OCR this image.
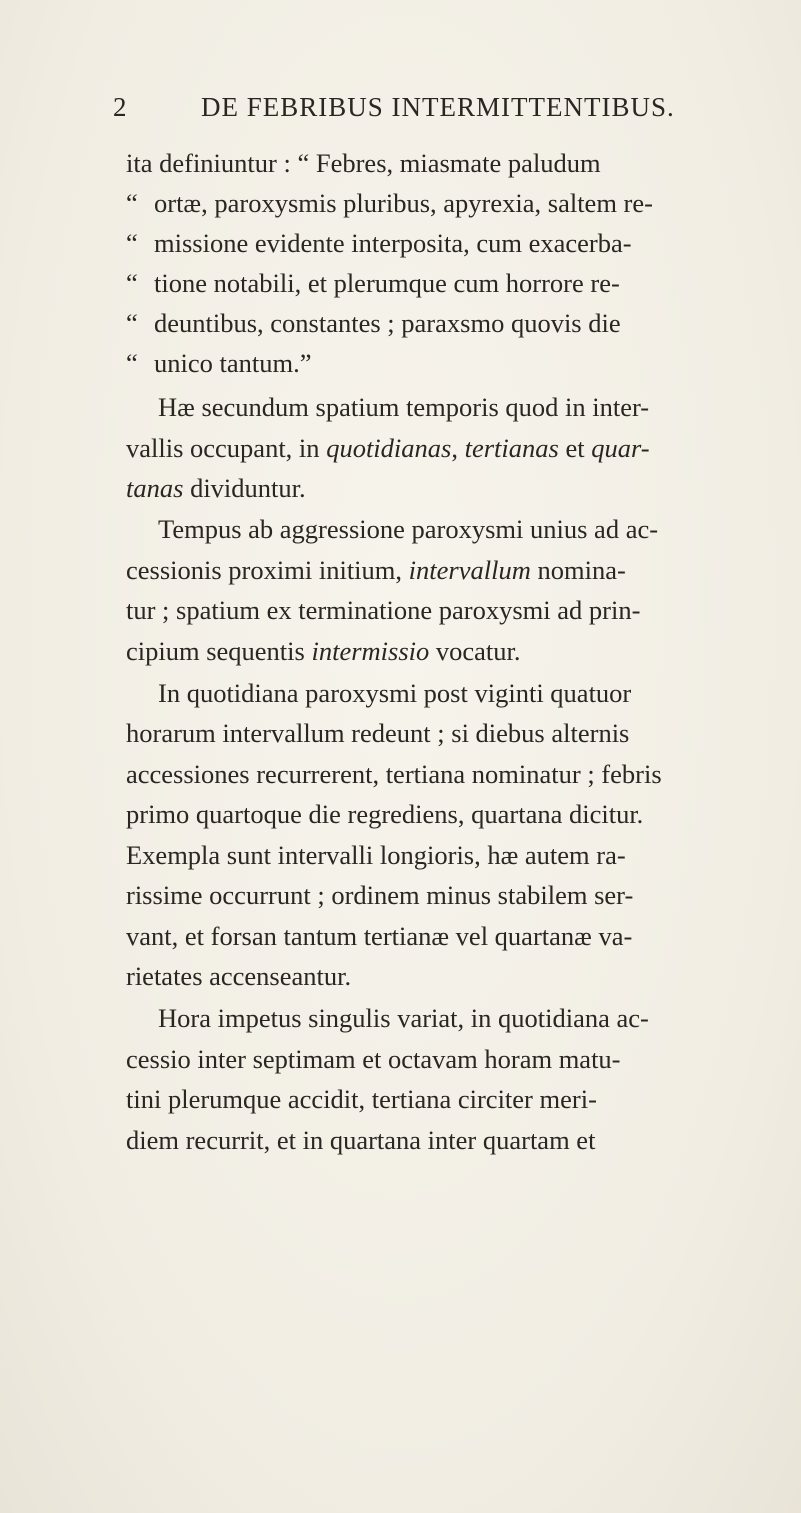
2	DE FEBRIBUS INTERMITTENTIBUS.
ita definiuntur : “ Febres, miasmate paludum
“ ortæ, paroxysmis pluribus, apyrexia, saltem re-
“ missione evidente interposita, cum exacerba-
“ tione notabili, et plerumque cum horrore re-
“ deuntibus, constantes ; paraxsmo quovis die
“ unico tantum.”
Hæ secundum spatium temporis quod in inter-
vallis occupant, in quotidianas, tertianas et quar-
tanas dividuntur.
Tempus ab aggressione paroxysmi unius ad ac-
cessionis proximi initium, intervallum nomina-
tur ; spatium ex terminatione paroxysmi ad prin-
cipium sequentis intermissio vocatur.
In quotidiana paroxysmi post viginti quatuor
horarum intervallum redeunt ; si diebus alternis
accessiones recurrerent, tertiana nominatur ; febris
primo quartoque die regrediens, quartana dicitur.
Exempla sunt intervalli longioris, hæ autem ra-
rissime occurrunt ; ordinem minus stabilem ser-
vant, et forsan tantum tertianæ vel quartanæ va-
rietates accenseantur.
Hora impetus singulis variat, in quotidiana ac-
cessio inter septimam et octavam horam matu-
tini plerumque accidit, tertiana circiter meri-
diem recurrit, et in quartana inter quartam et
